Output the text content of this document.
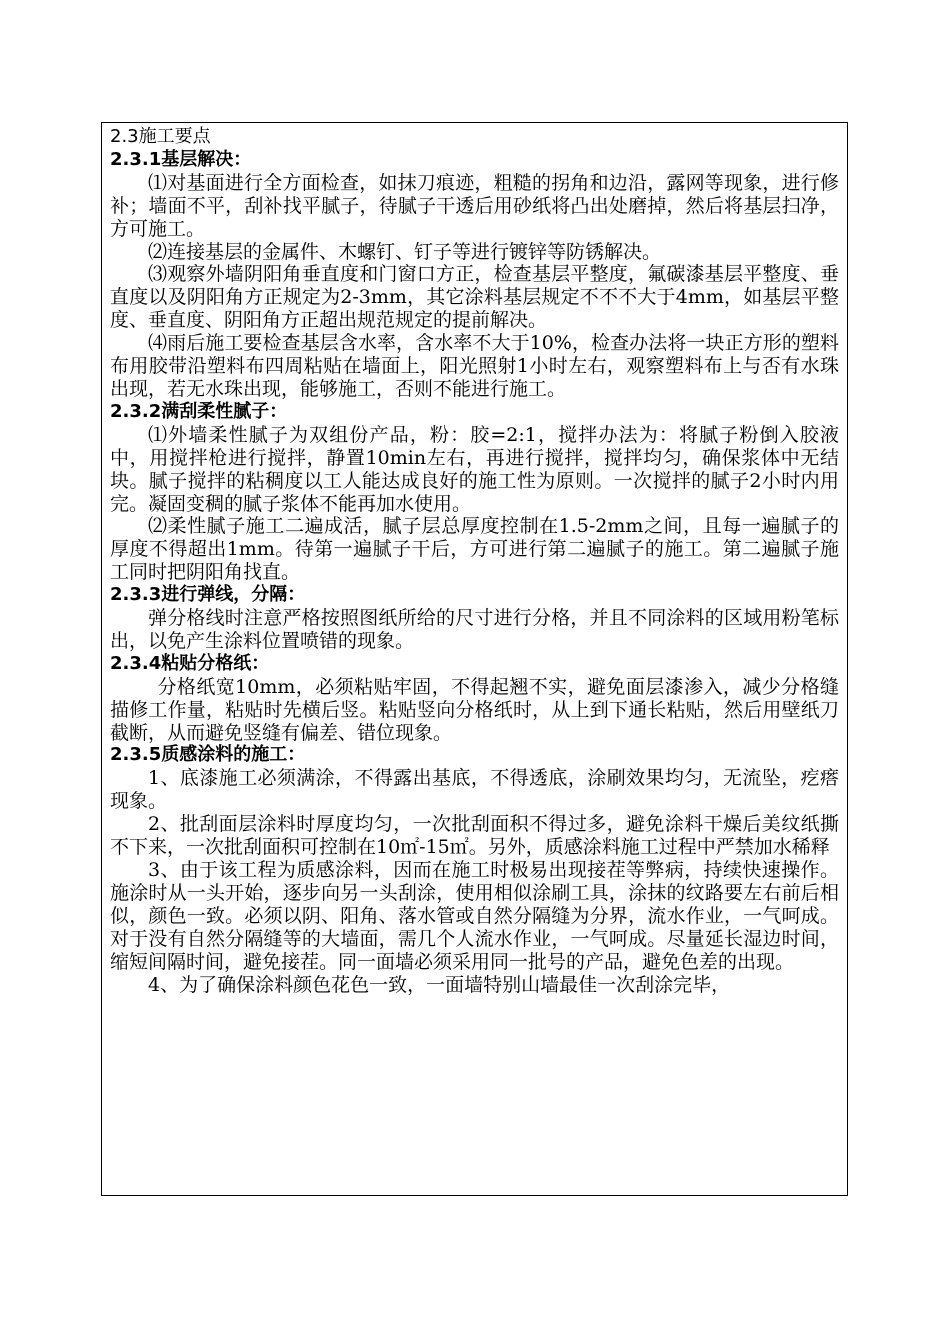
2.3施工要点
2.3.1基层解决：

⑴对基面进行全方面检查，如抹刀痕迹，粗糙的拐角和边沿，露网等现象，进行修补；墙面不平，刮补找平腻子，待腻子干透后用砂纸将凸出处磨掉，然后将基层扫净，方可施工。

⑵连接基层的金属件、木螺钉、钉子等进行镀锌等防锈解决。

⑶观察外墙阴阳角垂直度和门窗口方正，检查基层平整度，氟碳漆基层平整度、垂直度以及阴阳角方正规定为2-3mm，其它涂料基层规定不不不大于4mm，如基层平整度、垂直度、阴阳角方正超出规范规定的提前解决。

⑷雨后施工要检查基层含水率，含水率不大于10%，检查办法将一块正方形的塑料布用胶带沿塑料布四周粘贴在墙面上，阳光照射1小时左右，观察塑料布上与否有水珠出现，若无水珠出现，能够施工，否则不能进行施工。

2.3.2满刮柔性腻子：

⑴外墙柔性腻子为双组份产品，粉：胶=2:1，搅拌办法为：将腻子粉倒入胶液中，用搅拌枪进行搅拌，静置10min左右，再进行搅拌，搅拌均匀，确保浆体中无结块。腻子搅拌的粘稠度以工人能达成良好的施工性为原则。一次搅拌的腻子2小时内用完。凝固变稠的腻子浆体不能再加水使用。

⑵柔性腻子施工二遍成活，腻子层总厚度控制在1.5-2mm之间，且每一遍腻子的厚度不得超出1mm。待第一遍腻子干后，方可进行第二遍腻子的施工。第二遍腻子施工同时把阴阳角找直。

2.3.3进行弹线，分隔：

弹分格线时注意严格按照图纸所给的尺寸进行分格，并且不同涂料的区域用粉笔标出，以免产生涂料位置喷错的现象。

2.3.4粘贴分格纸：

分格纸宽10mm，必须粘贴牢固，不得起翘不实，避免面层漆渗入，减少分格缝描修工作量，粘贴时先横后竖。粘贴竖向分格纸时，从上到下通长粘贴，然后用壁纸刀截断，从而避免竖缝有偏差、错位现象。

2.3.5质感涂料的施工：

1、底漆施工必须满涂，不得露出基底，不得透底，涂刷效果均匀，无流坠，疙瘩现象。

2、批刮面层涂料时厚度均匀，一次批刮面积不得过多，避免涂料干燥后美纹纸撕不下来，一次批刮面积可控制在10㎡-15㎡。另外，质感涂料施工过程中严禁加水稀释

3、由于该工程为质感涂料，因而在施工时极易出现接茬等弊病，持续快速操作。施涂时从一头开始，逐步向另一头刮涂，使用相似涂刷工具，涂抹的纹路要左右前后相似，颜色一致。必须以阴、阳角、落水管或自然分隔缝为分界，流水作业，一气呵成。对于没有自然分隔缝等的大墙面，需几个人流水作业，一气呵成。尽量延长湿边时间，缩短间隔时间，避免接茬。同一面墙必须采用同一批号的产品，避免色差的出现。

4、为了确保涂料颜色花色一致，一面墙特别山墙最佳一次刮涂完毕，
